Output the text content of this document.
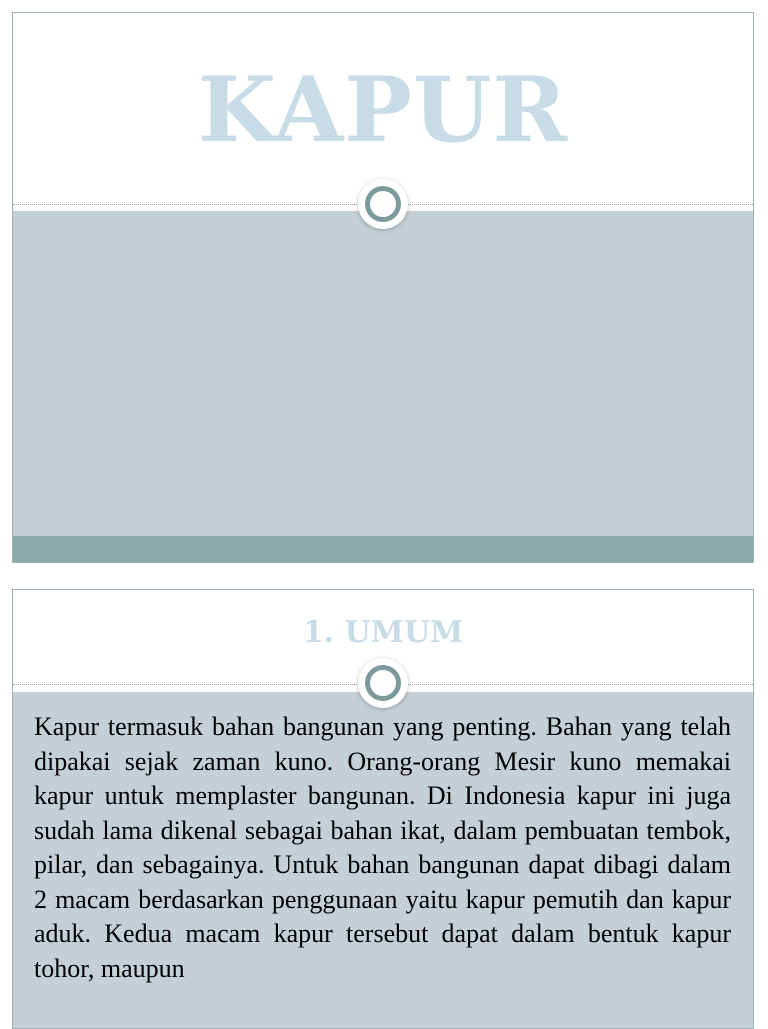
KAPUR
1. UMUM

Kapur termasuk bahan bangunan yang penting. Bahan yang telah dipakai sejak zaman kuno. Orang-orang Mesir kuno memakai kapur untuk memplaster bangunan. Di Indonesia kapur ini juga sudah lama dikenal sebagai bahan ikat, dalam pembuatan tembok, pilar, dan sebagainya. Untuk bahan bangunan dapat dibagi dalam 2 macam berdasarkan penggunaan yaitu kapur pemutih dan kapur aduk. Kedua macam kapur tersebut dapat dalam bentuk kapur tohor, maupun
